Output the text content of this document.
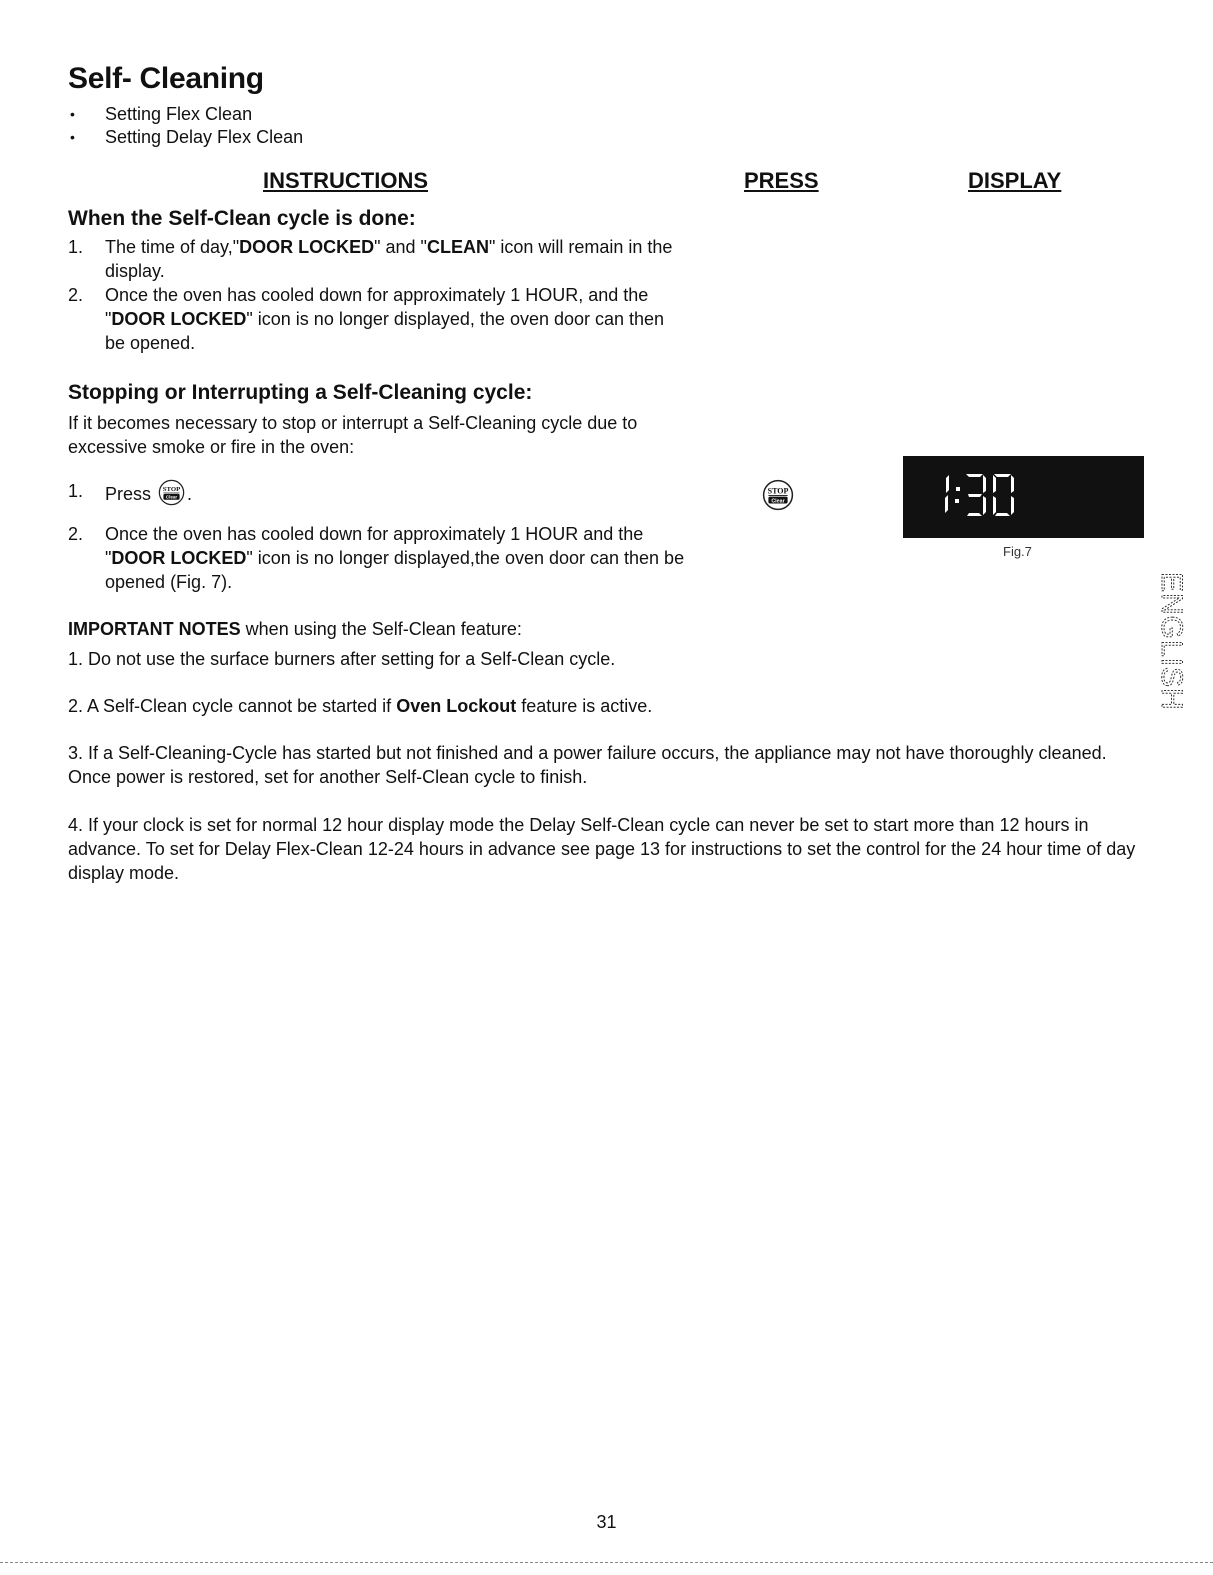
Self- Cleaning
• Setting Flex Clean
• Setting Delay Flex Clean
INSTRUCTIONS	PRESS	DISPLAY
When the Self-Clean cycle is done:
1. The time of day,"DOOR LOCKED" and "CLEAN" icon will remain in the display.
2. Once the oven has cooled down for approximately 1 HOUR, and the "DOOR LOCKED" icon is no longer displayed, the oven door can then be opened.
Stopping or Interrupting a Self-Cleaning cycle:
If it becomes necessary to stop or interrupt a Self-Cleaning cycle due to excessive smoke or fire in the oven:
1. Press STOP
Clear .
2. Once the oven has cooled down for approximately 1 HOUR and the "DOOR LOCKED" icon is no longer displayed,the oven door can then be opened (Fig. 7).
STOP
Clear
1:30
Fig.7
ENGLISH

IMPORTANT NOTES when using the Self-Clean feature:

1. Do not use the surface burners after setting for a Self-Clean cycle.

2. A Self-Clean cycle cannot be started if Oven Lockout feature is active.

3. If a Self-Cleaning-Cycle has started but not finished and a power failure occurs, the appliance may not have thoroughly cleaned. Once power is restored, set for another Self-Clean cycle to finish.

4. If your clock is set for normal 12 hour display mode the Delay Self-Clean cycle can never be set to start more than 12 hours in advance. To set for Delay Flex-Clean 12-24 hours in advance see page 13 for instructions to set the control for the 24 hour time of day display mode.

31
